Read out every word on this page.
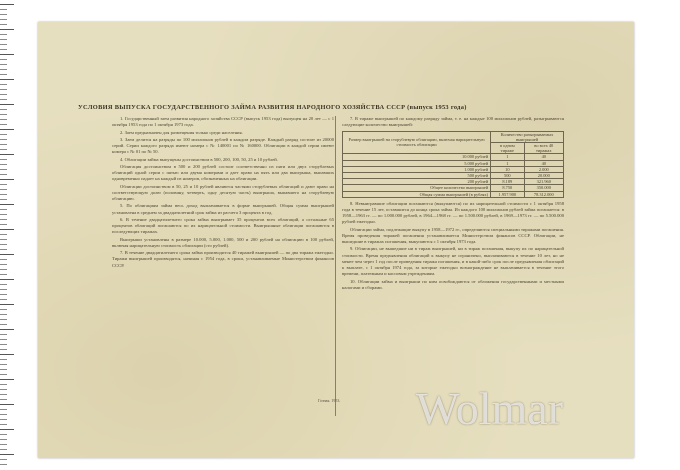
УСЛОВИЯ ВЫПУСКА ГОСУДАРСТВЕННОГО ЗАЙМА РАЗВИТИЯ НАРОДНОГО ХОЗЯЙСТВА СССР (выпуск 1953 года)

1. Государственный заем развития народного хозяйства СССР (выпуск 1953 года) выпущен на 20 лет — с 1 октября 1953 года по 1 октября 1973 года.

2. Заем предназначен для размещения только среди населения.

3. Заем делится на разряды по 100 миллионов рублей в каждом разряде. Каждый разряд состоит из 20000 серий. Серии каждого разряда имеют номера с № 140001 по № 160000. Облигации в каждой серии имеют номера с № 01 по № 50.

4. Облигации займа выпущены достоинством в 500, 200, 100, 50, 25 и 10 рублей.

Облигация достоинством в 500 и 200 рублей состоит соответственно из пяти или двух сторублевых облигаций одной серии с пятью или двумя номерами и дает право на пять или два выигрыша, выпавших одновременно падает на каждый из номеров, обозначенных на облигации.

Облигации достоинством в 50, 25 и 10 рублей являются частями сторублевых облигаций и дают право на соответствующую долю (половину, четверть, одну десятую часть) выигрыша, выпавшего на сторублевую облигацию.

5. По облигациям займа весь доход выплачивается в форме выигрышей. Общая сумма выигрышей установлена в среднем за двадцатилетний срок займа из расчета 3 процента в год.

6. В течение двадцатилетнего срока займа выигрывает 35 процентов всех облигаций, а остальные 65 процентов облигаций погашаются по их нарицательной стоимости. Выигрышные облигации погашаются в последующих тиражах.

Выигрыши установлены в размере 10.000, 5.000, 1.000, 500 и 200 рублей на облигацию в 100 рублей, включая нарицательную стоимость облигации (сто рублей).

7. В течение двадцатилетнего срока займа производится 40 тиражей выигрышей — по два тиража ежегодно. Тиражи выигрышей производятся, начиная с 1954 года, в сроки, устанавливаемые Министерством финансов СССР.

7. В тираже выигрышей по каждому разряду займа, т. е. на каждые 100 миллионов рублей, разыгрываются следующие количество выигрышей:

Размер выигрышей на стоpублевую облигацию, включая нарицательную стоимость облигации	Количество разыгрываемых выигрышей	
	в одном тираже	во всех 40 тиражах
10.000 рублей	1	40
5.000 рублей	1	40
1.000 рублей	10	2.000
500 рублей	500	20.000
200 рублей	8.189	321.960
Общее количество выигрышей	8.750	350.000
Общая сумма выигрышей (в рублях)	1.957.900	78.312.000

8. Невыигравшие облигации погашаются (выкупаются) по их нарицательной стоимости с 1 октября 1958 года в течение 15 лет, оставшиеся до конца срока займа. Из каждого 100 миллионов рублей займа погашается: в 1958—1963 гг. — по 1.000.000 рублей, в 1964—1968 гг. — по 1.500.000 рублей, в 1969—1973 гг. — по 5.500.000 рублей ежегодно.

Облигации займа, подлежащие выкупу в 1958—1972 гг., определяются специальными тиражами погашения. Время проведения тиражей погашения устанавливается Министерством финансов СССР. Облигации, не вышедшие в тиражах погашения, выкупаются с 1 октября 1973 года.

9. Облигации, не вышедшие ни в тираж выигрышей, ни в тираж погашения, выкупу их по нарицательной стоимости. Время предъявления облигаций к выкупу не ограничено, выплачиваются в течение 10 лет, но не менее чем через 1 год после проведения тиража погашения, и в какой-либо срок после предъявления облигаций к выплате, с 1 октября 1974 года, за которые ежегодно вознаграждение не выплачивается в течение этого времени, платежным и кассовым учреждениям.

10. Облигации займа и выигрыши по ним освобождаются от обложения государственными и местными налогами и сборами.

Гознак. 1953. Wolmar
